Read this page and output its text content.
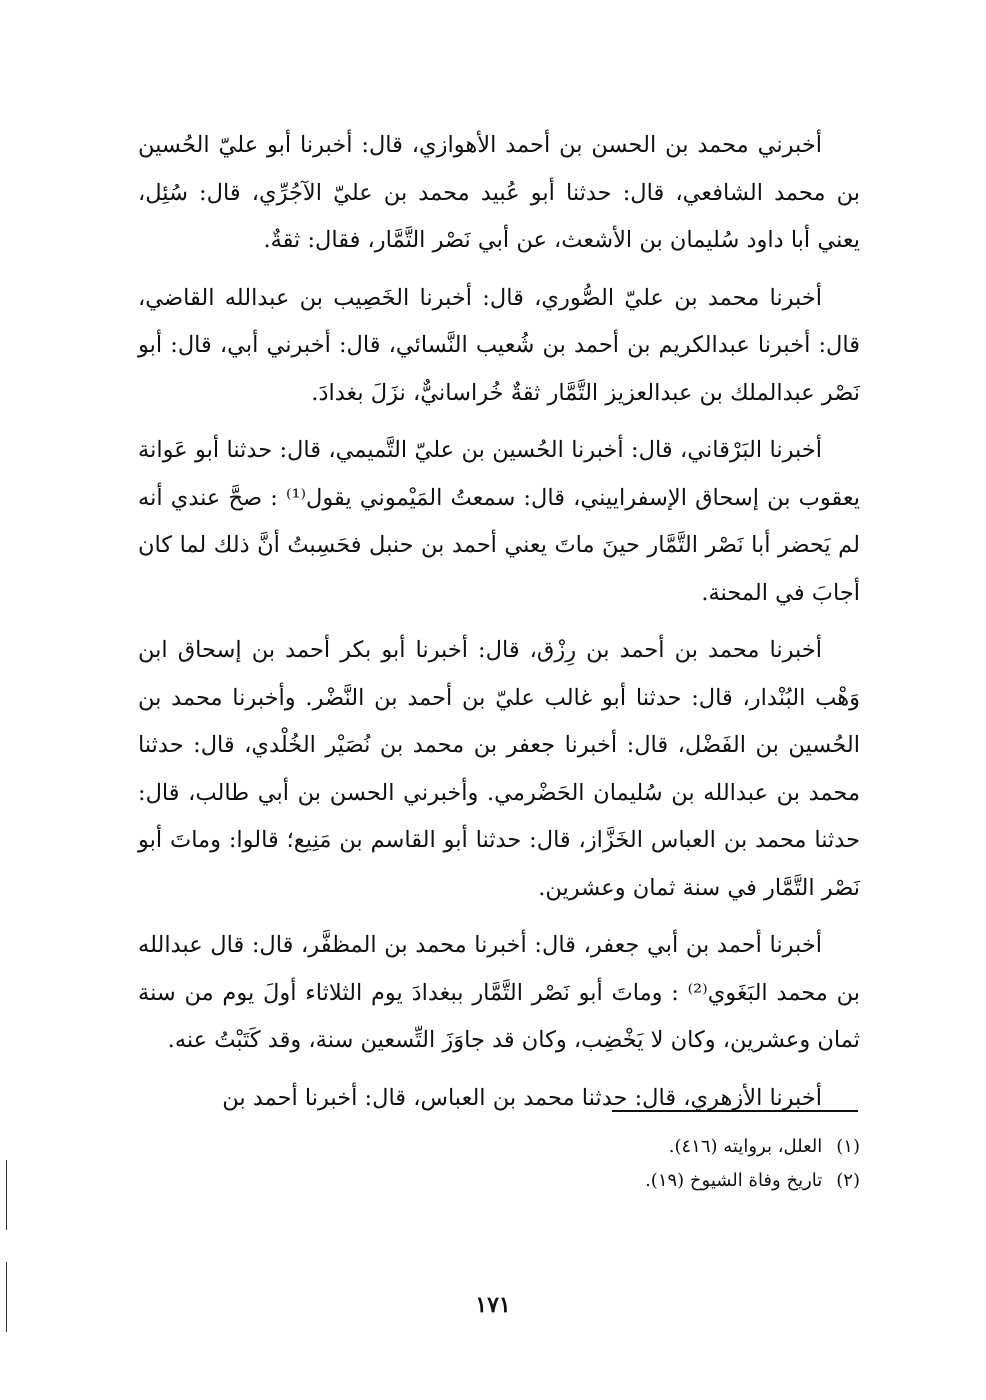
أخبرني محمد بن الحسن بن أحمد الأهوازي، قال: أخبرنا أبو عليّ الحُسين بن محمد الشافعي، قال: حدثنا أبو عُبيد محمد بن عليّ الآجُرِّي، قال: سُئِل، يعني أبا داود سُليمان بن الأشعث، عن أبي نَصْر التَّمَّار، فقال: ثقةٌ.

أخبرنا محمد بن عليّ الصُّوري، قال: أخبرنا الخَصِيب بن عبدالله القاضي، قال: أخبرنا عبدالكريم بن أحمد بن شُعيب النَّسائي، قال: أخبرني أبي، قال: أبو نَصْر عبدالملك بن عبدالعزيز التَّمَّار ثقةٌ خُراسانيٌّ، نزَلَ بغدادَ.

أخبرنا البَرْقاني، قال: أخبرنا الحُسين بن عليّ التَّميمي، قال: حدثنا أبو عَوانة يعقوب بن إسحاق الإسفراييني، قال: سمعتُ المَيْموني يقول⁽¹⁾ : صحَّ عندي أنه لم يَحضر أبا نَصْر التَّمَّار حينَ ماتَ يعني أحمد بن حنبل فحَسِبتُ أنَّ ذلك لما كان أجابَ في المحنة.

أخبرنا محمد بن أحمد بن رِزْق، قال: أخبرنا أبو بكر أحمد بن إسحاق ابن وَهْب البُنْدار، قال: حدثنا أبو غالب عليّ بن أحمد بن النَّضْر. وأخبرنا محمد بن الحُسين بن الفَضْل، قال: أخبرنا جعفر بن محمد بن نُصَيْر الخُلْدي، قال: حدثنا محمد بن عبدالله بن سُليمان الحَضْرمي. وأخبرني الحسن بن أبي طالب، قال: حدثنا محمد بن العباس الخَزَّاز، قال: حدثنا أبو القاسم بن مَنِيع؛ قالوا: وماتَ أبو نَصْر التَّمَّار في سنة ثمان وعشرين.

أخبرنا أحمد بن أبي جعفر، قال: أخبرنا محمد بن المظفَّر، قال: قال عبدالله بن محمد البَغَوي⁽²⁾ : وماتَ أبو نَصْر التَّمَّار ببغدادَ يوم الثلاثاء أولَ يوم من سنة ثمان وعشرين، وكان لا يَخْضِب، وكان قد جاوَزَ التِّسعين سنة، وقد كَتَبْتُ عنه.

أخبرنا الأزهري، قال: حدثنا محمد بن العباس، قال: أخبرنا أحمد بن

(١)العلل، بروايته (٤١٦).
(٢)تاريخ وفاة الشيوخ (١٩).
١٧١
